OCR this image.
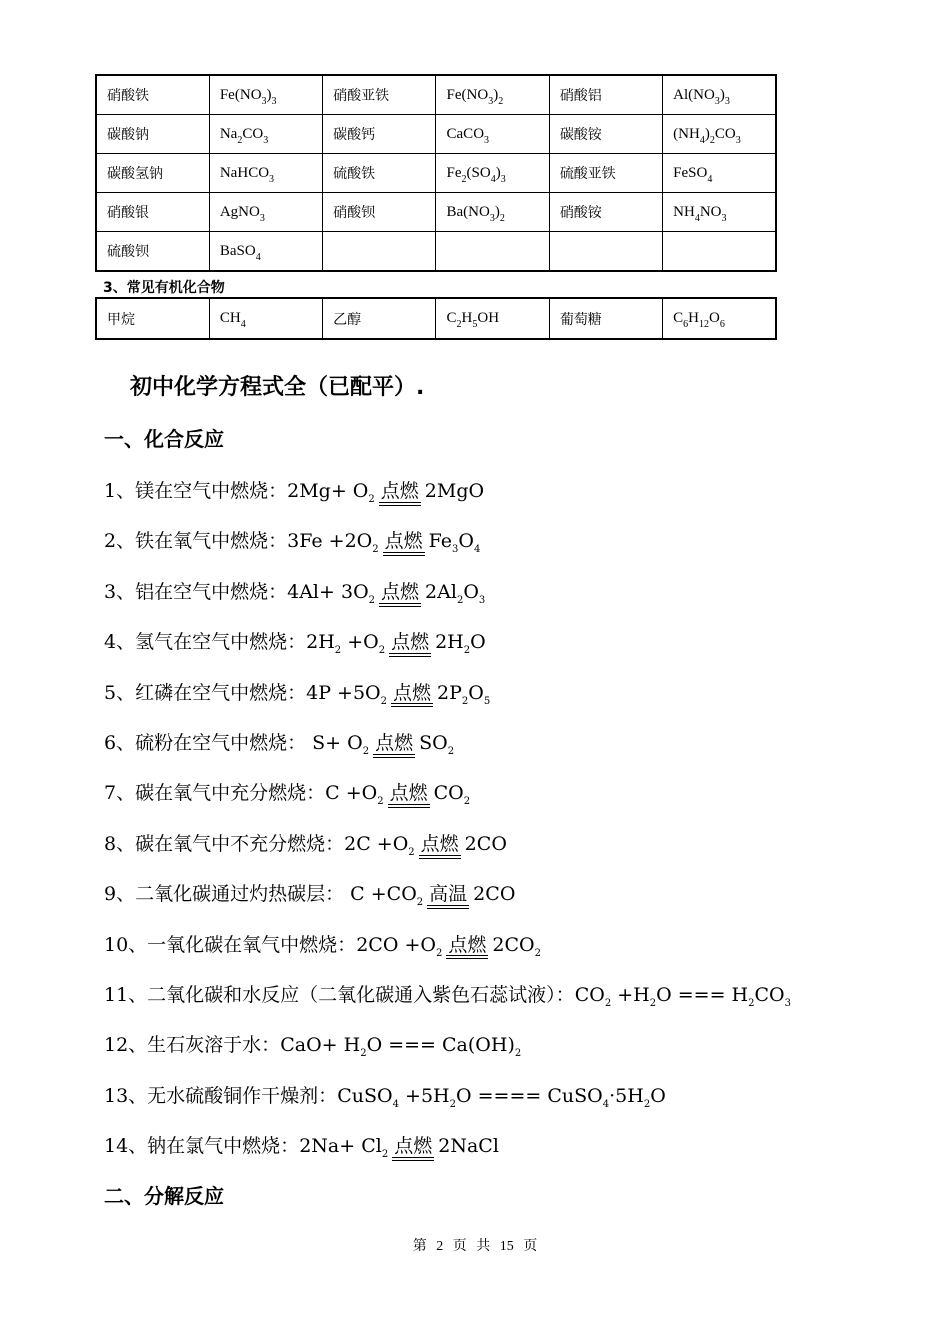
硝酸铁	$Fe(NO_3)_3$	硝酸亚铁	$Fe(NO_3)_2$	硝酸铝	$Al(NO_3)_3$
碳酸钠	$Na_2CO_3$	碳酸钙	CaCO$_3$	碳酸铵	$(NH_4)_2CO_3$
碳酸氢钠	NaHCO$_3$	硫酸铁	$Fe_2(SO_4)_3$	硫酸亚铁	FeSO$_4$
硝酸银	AgNO$_3$	硝酸钡	$Ba(NO_3)_2$	硝酸铵	$NH_4NO_3$
硫酸钡	BaSO$_4$				
3、常见有机化合物
甲烷	$CH_4$	乙醇	$C_2H_5OH$	葡萄糖	$C_6H_{12}O_6$
初中化学方程式全（已配平）.
一、化合反应
1、镁在空气中燃烧：$2Mg+ O_2$ 点燃 2MgO
2、铁在氧气中燃烧：$3Fe +2O_2$ 点燃 $Fe_3O_4$
3、铝在空气中燃烧：$4Al+ 3O_2$ 点燃 $2Al_2O_3$
4、氢气在空气中燃烧：$2H_2 +O_2$ 点燃 $2H_2O$
5、红磷在空气中燃烧：$4P +5O_2$ 点燃 $2P_2O_5$
6、硫粉在空气中燃烧： $S+ O_2$ 点燃 $SO_2$
7、碳在氧气中充分燃烧：$C +O_2$ 点燃 $CO_2$
8、碳在氧气中不充分燃烧：$2C +O_2$ 点燃 2CO
9、二氧化碳通过灼热碳层： $C +CO_2$ 高温 2CO
10、一氧化碳在氧气中燃烧：$2CO +O_2$ 点燃 $2CO_2$
11、二氧化碳和水反应（二氧化碳通入紫色石蕊试液）：$CO_2 +H_2O$ === $H_2CO_3$
12、生石灰溶于水：$CaO+ H_2O$ === $Ca(OH)_2$
13、无水硫酸铜作干燥剂：CuSO$_4$ $+5H_2O$ ==== $CuSO_4\cdot 5H_2O$
14、钠在氯气中燃烧：$2Na+ Cl_2$ 点燃 2NaCl
二、分解反应
第 2 页 共 15 页
